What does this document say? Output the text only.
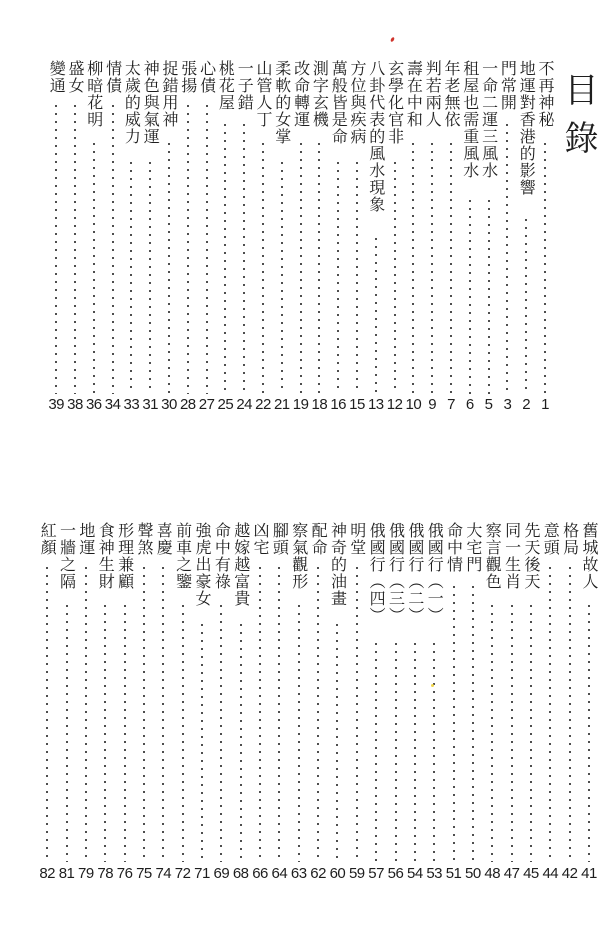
目錄
不再神秘
1
地運對香港的影響
2
門常開
3
一命二運三風水
5
租屋也需重風水
6
年老無依
7
判若兩人
9
壽在中和
10
玄學化官非
12
八卦代表的風水現象
13
方位與疾病
15
萬般皆是命
16
測字玄機
18
改命轉運
19
柔軟的女掌
21
山管人丁
22
一子錯
24
桃花屋
25
心債
27
張揚
28
捉錯用神
30
神色與氣運
31
太歲的威力
33
情債
34
柳暗花明
36
盛女
38
變通
39
舊城故人
41
格局
42
意頭
44
先天後天
45
同一生肖
47
察言觀色
48
大宅門
50
命中情
51
俄國行（一）
53
俄國行（二）
54
俄國行（三）
56
俄國行（四）
57
明堂
59
神奇的油畫
60
配命
62
察氣觀形
63
腳頭
64
凶宅
66
越嫁越富貴
68
命中有祿
69
強虎出豪女
71
前車之鑒
72
喜慶
74
聲煞
75
形理兼顧
76
食神生財
78
地運
79
一牆之隔
81
紅顏
82
